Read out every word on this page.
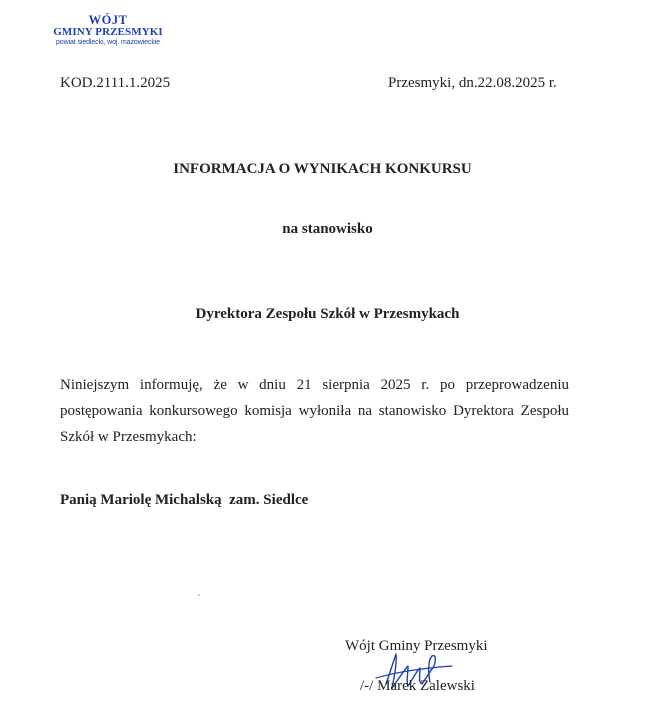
WÓJT
GMINY PRZESMYKI
powiat siedlecki, woj. mazowieckie
KOD.2111.1.2025	Przesmyki, dn.22.08.2025 r.
INFORMACJA O WYNIKACH KONKURSU
na stanowisko
Dyrektora Zespołu Szkół w Przesmykach
Niniejszym informuję, że w dniu 21 sierpnia 2025 r. po przeprowadzeniu postępowania konkursowego komisja wyłoniła na stanowisko Dyrektora Zespołu Szkół w Przesmykach:
Panią Mariolę Michalską  zam. Siedlce
Wójt Gminy Przesmyki
/-/ Marek Zalewski
